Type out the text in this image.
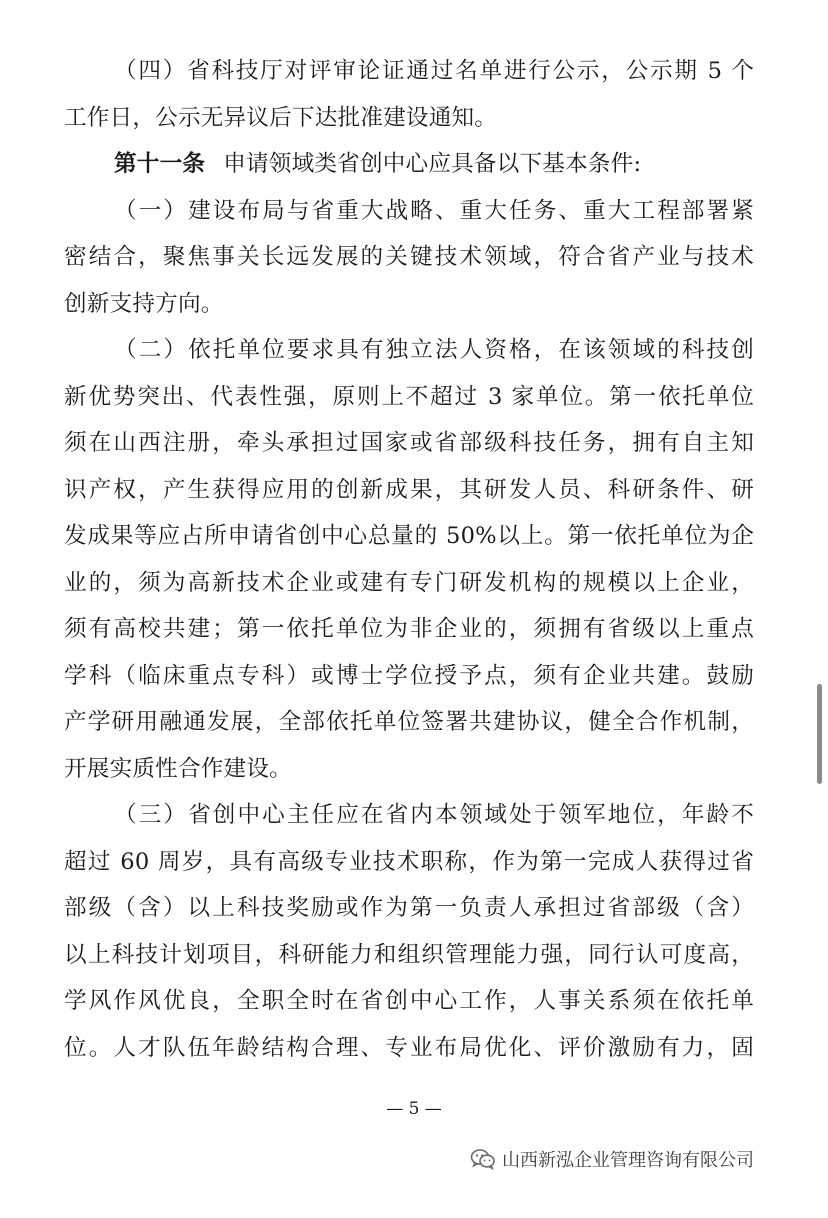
（四）省科技厅对评审论证通过名单进行公示，公示期 5 个
工作日，公示无异议后下达批准建设通知。
第十一条 申请领域类省创中心应具备以下基本条件:
（一）建设布局与省重大战略、重大任务、重大工程部署紧
密结合，聚焦事关长远发展的关键技术领域，符合省产业与技术
创新支持方向。
（二）依托单位要求具有独立法人资格，在该领域的科技创
新优势突出、代表性强，原则上不超过 3 家单位。第一依托单位
须在山西注册，牵头承担过国家或省部级科技任务，拥有自主知
识产权，产生获得应用的创新成果，其研发人员、科研条件、研
发成果等应占所申请省创中心总量的 50%以上。第一依托单位为企
业的，须为高新技术企业或建有专门研发机构的规模以上企业，
须有高校共建；第一依托单位为非企业的，须拥有省级以上重点
学科（临床重点专科）或博士学位授予点，须有企业共建。鼓励
产学研用融通发展，全部依托单位签署共建协议，健全合作机制，
开展实质性合作建设。
（三）省创中心主任应在省内本领域处于领军地位，年龄不
超过 60 周岁，具有高级专业技术职称，作为第一完成人获得过省
部级（含）以上科技奖励或作为第一负责人承担过省部级（含）
以上科技计划项目，科研能力和组织管理能力强，同行认可度高，
学风作风优良，全职全时在省创中心工作，人事关系须在依托单
位。人才队伍年龄结构合理、专业布局优化、评价激励有力，固
— 5 —
山西新泓企业管理咨询有限公司
